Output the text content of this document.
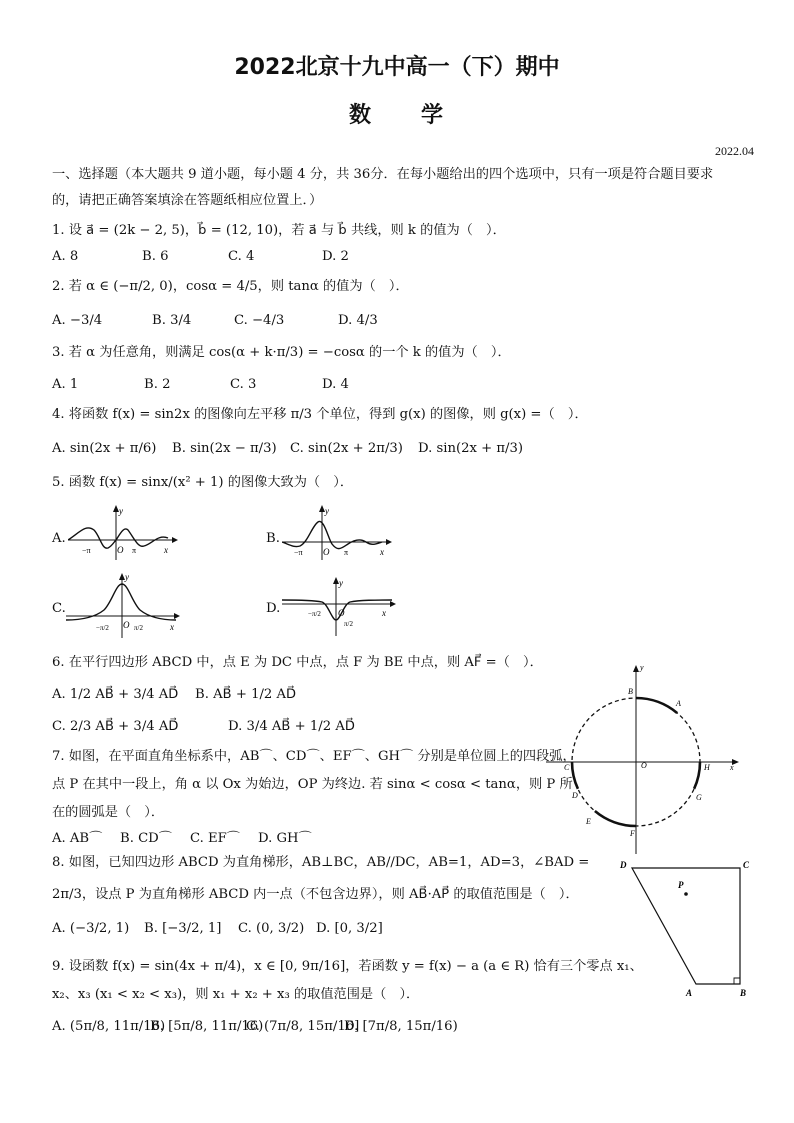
2022北京十九中高一（下）期中
数　　学
2022.04
一、选择题（本大题共 9 道小题，每小题 4 分，共 36分．在每小题给出的四个选项中，只有一项是符合题目要求
的，请把正确答案填涂在答题纸相应位置上．）
1. 设 a⃗ = (2k − 2, 5)，b⃗ = (12, 10)，若 a⃗ 与 b⃗ 共线，则 k 的值为（　）．
A. 8	B. 6	C. 4	D. 2
2. 若 α ∈ (−π/2, 0)，cosα = 4/5，则 tanα 的值为（　）．
A. −3/4	B. 3/4	C. −4/3	D. 4/3
3. 若 α 为任意角，则满足 cos(α + k·π/3) = −cosα 的一个 k 的值为（　）．
A. 1	B. 2	C. 3	D. 4
4. 将函数 f(x) = sin2x 的图像向左平移 π/3 个单位，得到 g(x) 的图像，则 g(x) =（　）．
A. sin(2x + π/6) B. sin(2x − π/3) C. sin(2x + 2π/3) D. sin(2x + π/3)
5. 函数 f(x) = sinx/(x² + 1) 的图像大致为（　）．
A.
y
x
O
−π	π
B.
y
x
O
−π	π
C.
y
x
O
−π/2	π/2
D.
y
x
O
−π/2
π/2
6. 在平行四边形 ABCD 中，点 E 为 DC 中点，点 F 为 BE 中点，则 AF⃗ =（　）．
A. 1/2 AB⃗ + 3/4 AD⃗ B. AB⃗ + 1/2 AD⃗
C. 2/3 AB⃗ + 3/4 AD⃗	D. 3/4 AB⃗ + 1/2 AD⃗
7. 如图，在平面直角坐标系中，AB⌒、CD⌒、EF⌒、GH⌒ 分别是单位圆上的四段弧，
点 P 在其中一段上，角 α 以 Ox 为始边，OP 为终边. 若 sinα < cosα < tanα，则 P 所
在的圆弧是（　）．
A. AB⌒ B. CD⌒ C. EF⌒ D. GH⌒
y
x
O
A
B
C
D
E
F
G
H
8. 如图，已知四边形 ABCD 为直角梯形，AB⊥BC，AB//DC，AB=1，AD=3，∠BAD =
2π/3，设点 P 为直角梯形 ABCD 内一点（不包含边界），则 AB⃗·AP⃗ 的取值范围是（　）．
A. (−3/2, 1) B. [−3/2, 1] C. (0, 3/2) D. [0, 3/2]
D	C
A	B
P
9. 设函数 f(x) = sin(4x + π/4)，x ∈ [0, 9π/16]，若函数 y = f(x) − a (a ∈ R) 恰有三个零点 x₁、
x₂、x₃ (x₁ < x₂ < x₃)，则 x₁ + x₂ + x₃ 的取值范围是（　）．
A. (5π/8, 11π/16)B. [5π/8, 11π/16)C. (7π/8, 15π/16]D. [7π/8, 15π/16)
